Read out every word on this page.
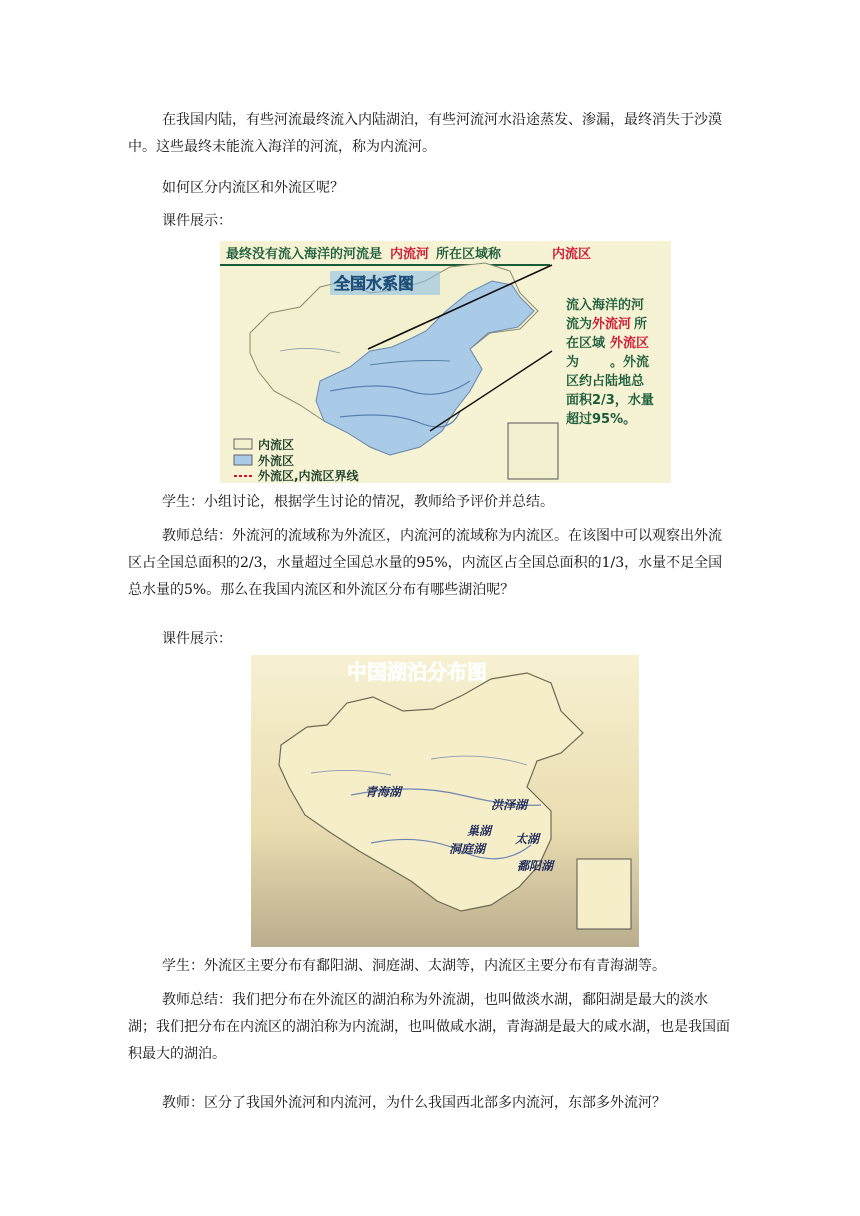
在我国内陆，有些河流最终流入内陆湖泊，有些河流河水沿途蒸发、渗漏，最终消失于沙漠中。这些最终未能流入海洋的河流，称为内流河。

如何区分内流区和外流区呢？

课件展示：

最终没有流入海洋的河流是 内流河 所在区域称	内流区
全国水系图
流入海洋的河
流为 外流河 所
在区域 外流区
为 。外流
区约占陆地总
面积2/3，水量
超过95%。
内流区
外流区
外流区,内流区界线

学生：小组讨论，根据学生讨论的情况，教师给予评价并总结。

教师总结：外流河的流域称为外流区，内流河的流域称为内流区。在该图中可以观察出外流区占全国总面积的2/3，水量超过全国总水量的95%，内流区占全国总面积的1/3，水量不足全国总水量的5%。那么在我国内流区和外流区分布有哪些湖泊呢？

课件展示：

中国湖泊分布图
青海湖
洪泽湖
巢湖
太湖
洞庭湖
鄱阳湖

学生：外流区主要分布有鄱阳湖、洞庭湖、太湖等，内流区主要分布有青海湖等。

教师总结：我们把分布在外流区的湖泊称为外流湖，也叫做淡水湖，鄱阳湖是最大的淡水湖；我们把分布在内流区的湖泊称为内流湖，也叫做咸水湖，青海湖是最大的咸水湖，也是我国面积最大的湖泊。

教师：区分了我国外流河和内流河，为什么我国西北部多内流河，东部多外流河？
